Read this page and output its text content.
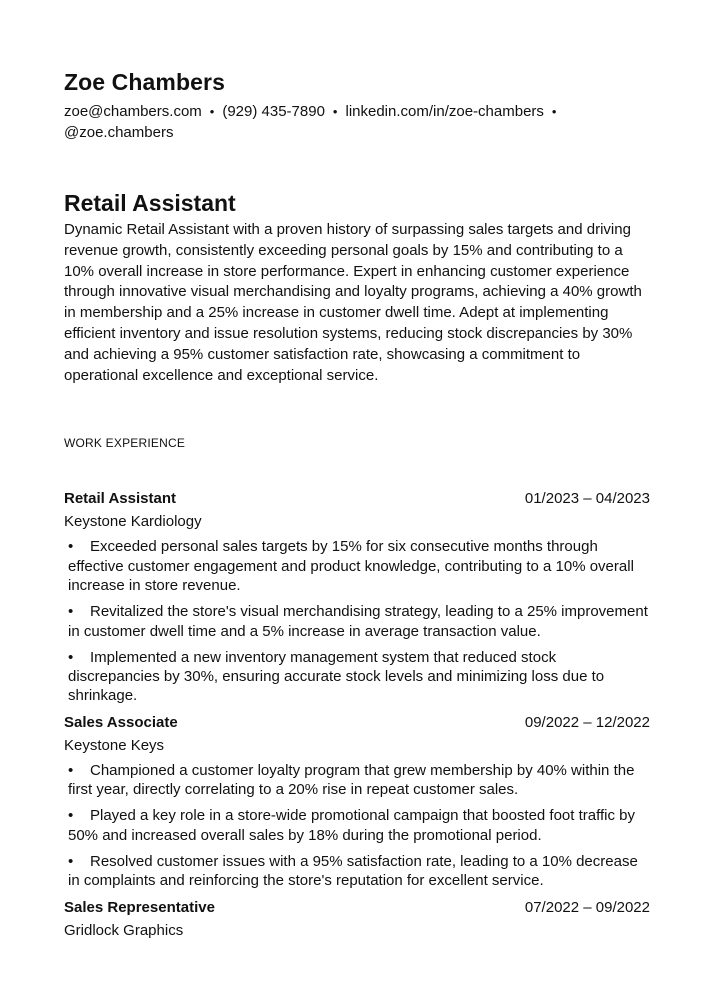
Zoe Chambers
zoe@chambers.com • (929) 435-7890 • linkedin.com/in/zoe-chambers •@zoe.chambers
Retail Assistant
Dynamic Retail Assistant with a proven history of surpassing sales targets and driving revenue growth, consistently exceeding personal goals by 15% and contributing to a 10% overall increase in store performance. Expert in enhancing customer experience through innovative visual merchandising and loyalty programs, achieving a 40% growth in membership and a 25% increase in customer dwell time. Adept at implementing efficient inventory and issue resolution systems, reducing stock discrepancies by 30% and achieving a 95% customer satisfaction rate, showcasing a commitment to operational excellence and exceptional service.
WORK EXPERIENCE
Retail Assistant	01/2023 – 04/2023
Keystone Kardiology
• Exceeded personal sales targets by 15% for six consecutive months through effective customer engagement and product knowledge, contributing to a 10% overall increase in store revenue.
• Revitalized the store's visual merchandising strategy, leading to a 25% improvement in customer dwell time and a 5% increase in average transaction value.
• Implemented a new inventory management system that reduced stock discrepancies by 30%, ensuring accurate stock levels and minimizing loss due to shrinkage.
Sales Associate	09/2022 – 12/2022
Keystone Keys
• Championed a customer loyalty program that grew membership by 40% within the first year, directly correlating to a 20% rise in repeat customer sales.
• Played a key role in a store-wide promotional campaign that boosted foot traffic by 50% and increased overall sales by 18% during the promotional period.
• Resolved customer issues with a 95% satisfaction rate, leading to a 10% decrease in complaints and reinforcing the store's reputation for excellent service.
Sales Representative	07/2022 – 09/2022
Gridlock Graphics
